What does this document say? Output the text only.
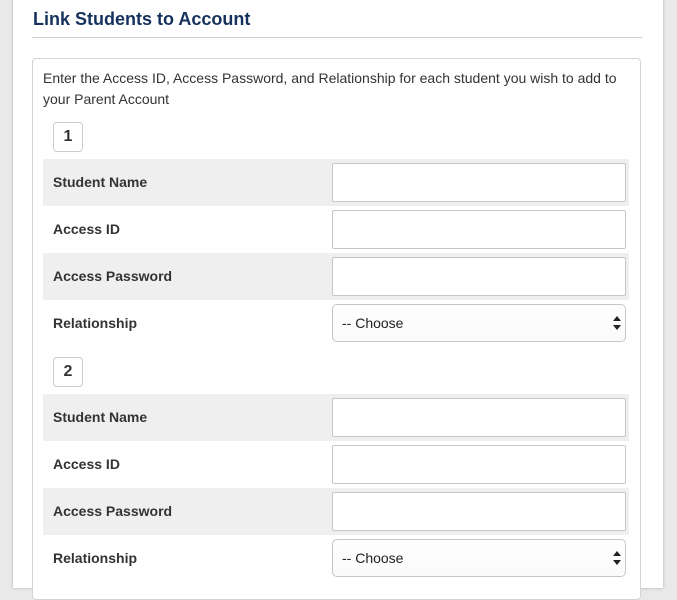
Link Students to Account

Enter the Access ID, Access Password, and Relationship for each student you wish to add to your Parent Account

1
Student Name
Access ID
Access Password
Relationship	-- Choose
2
Student Name
Access ID
Access Password
Relationship	-- Choose
